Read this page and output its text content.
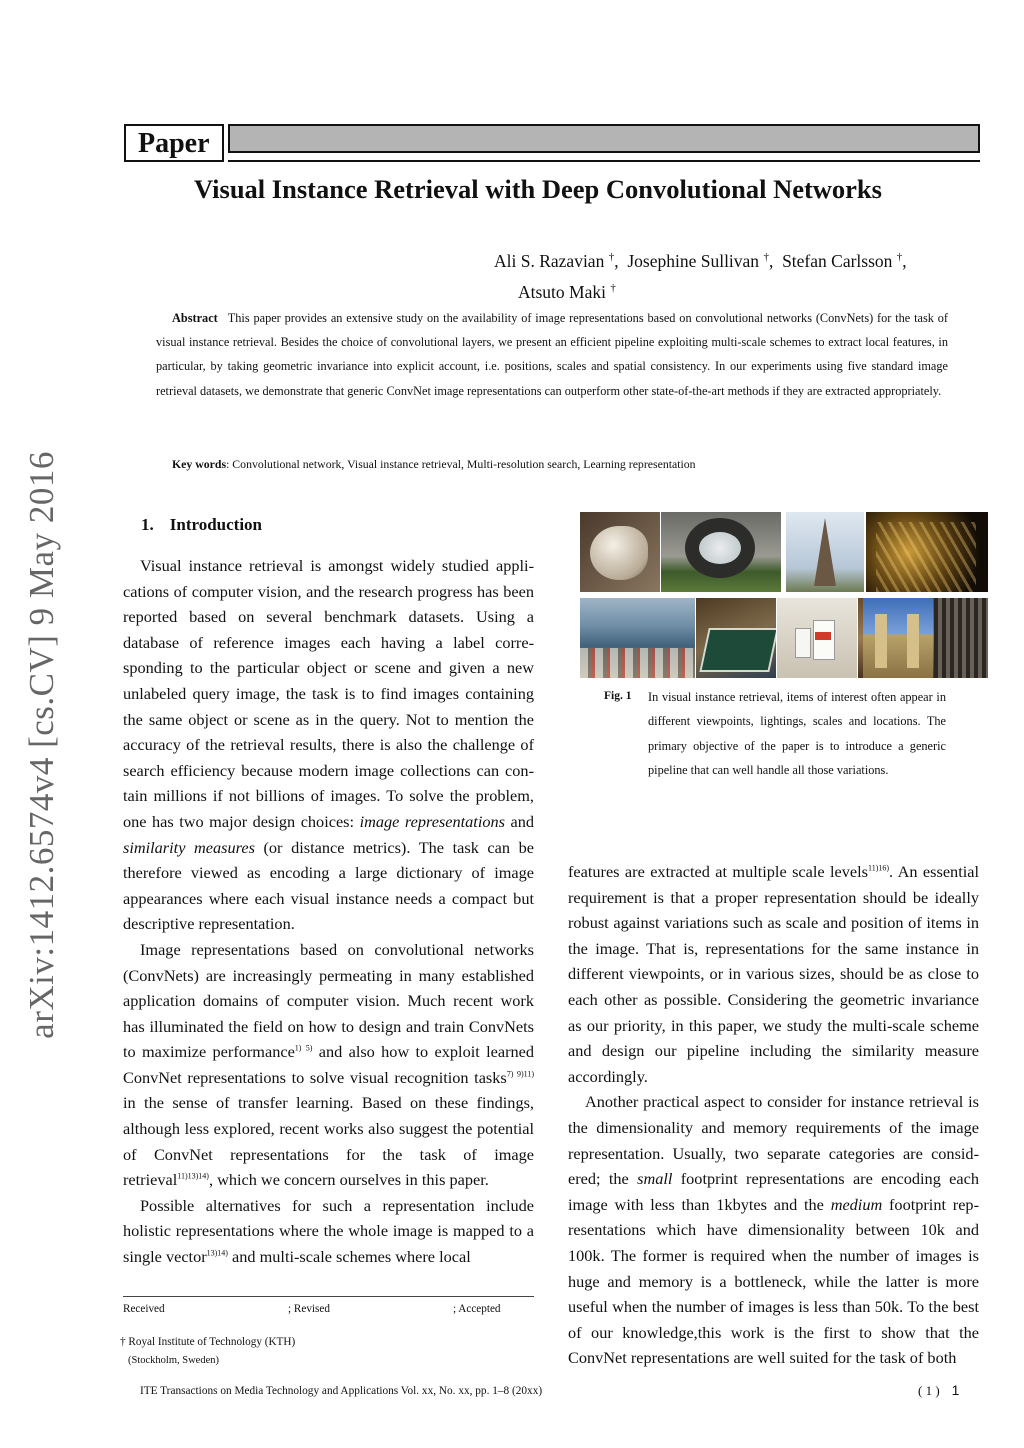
Paper
Visual Instance Retrieval with Deep Convolutional Networks
Ali S. Razavian †, Josephine Sullivan †, Stefan Carlsson †,
Atsuto Maki †
Abstract This paper provides an extensive study on the availability of image representations based on convolutional networks (ConvNets) for the task of visual instance retrieval. Besides the choice of convolutional layers, we present an efficient pipeline exploiting multi-scale schemes to extract local features, in particular, by taking geometric invariance into explicit account, i.e. positions, scales and spatial consistency. In our experiments using five standard image retrieval datasets, we demonstrate that generic ConvNet image representations can outperform other state-of-the-art methods if they are extracted appropriately.
Key words: Convolutional network, Visual instance retrieval, Multi-resolution search, Learning representation
arXiv:1412.6574v4 [cs.CV] 9 May 2016	1. Introduction

Visual instance retrieval is amongst widely studied applications of computer vision, and the research progress has been reported based on several benchmark datasets. Using a database of reference images each having a label corresponding to the particular object or scene and given a new unlabeled query image, the task is to find images containing the same object or scene as in the query. Not to mention the accuracy of the retrieval results, there is also the challenge of search efficiency because modern image collections can contain millions if not billions of images. To solve the problem, one has two major design choices: image representations and similarity measures (or distance metrics). The task can be therefore viewed as encoding a large dictionary of image appearances where each visual instance needs a compact but descriptive representation.

Image representations based on convolutional networks (ConvNets) are increasingly permeating in many established application domains of computer vision. Much recent work has illuminated the field on how to design and train ConvNets to maximize performance$^{1) 5)}$ and also how to exploit learned ConvNet representations to solve visual recognition tasks$^{7) 9)11)}$ in the sense of transfer learning. Based on these findings, although less explored, recent works also suggest the potential of ConvNet representations for the task of image retrieval$^{11)13)14)}$, which we concern ourselves in this paper.

Possible alternatives for such a representation include holistic representations where the whole image is mapped to a single vector$^{13)14)}$ and multi-scale schemes where local

Fig. 1 In visual instance retrieval, items of interest often appear in different viewpoints, lightings, scales and locations. The primary objective of the paper is to introduce a generic pipeline that can well handle all those variations.

features are extracted at multiple scale levels$^{11)16)}$. An essential requirement is that a proper representation should be ideally robust against variations such as scale and position of items in the image. That is, representations for the same instance in different viewpoints, or in various sizes, should be as close to each other as possible. Considering the geometric invariance as our priority, in this paper, we study the multi-scale scheme and design our pipeline including the similarity measure accordingly.

Another practical aspect to consider for instance retrieval is the dimensionality and memory requirements of the image representation. Usually, two separate categories are considered; the small footprint representations are encoding each image with less than 1kbytes and the medium footprint representations which have dimensionality between 10k and 100k. The former is required when the number of images is huge and memory is a bottleneck, while the latter is more useful when the number of images is less than 50k. To the best of our knowledge,this work is the first to show that the ConvNet representations are well suited for the task of both

Received	; Revised	; Accepted
† Royal Institute of Technology (KTH)
(Stockholm, Sweden)
ITE Transactions on Media Technology and Applications Vol. xx, No. xx, pp. 1–8 (20xx)	( 1 ) 1
